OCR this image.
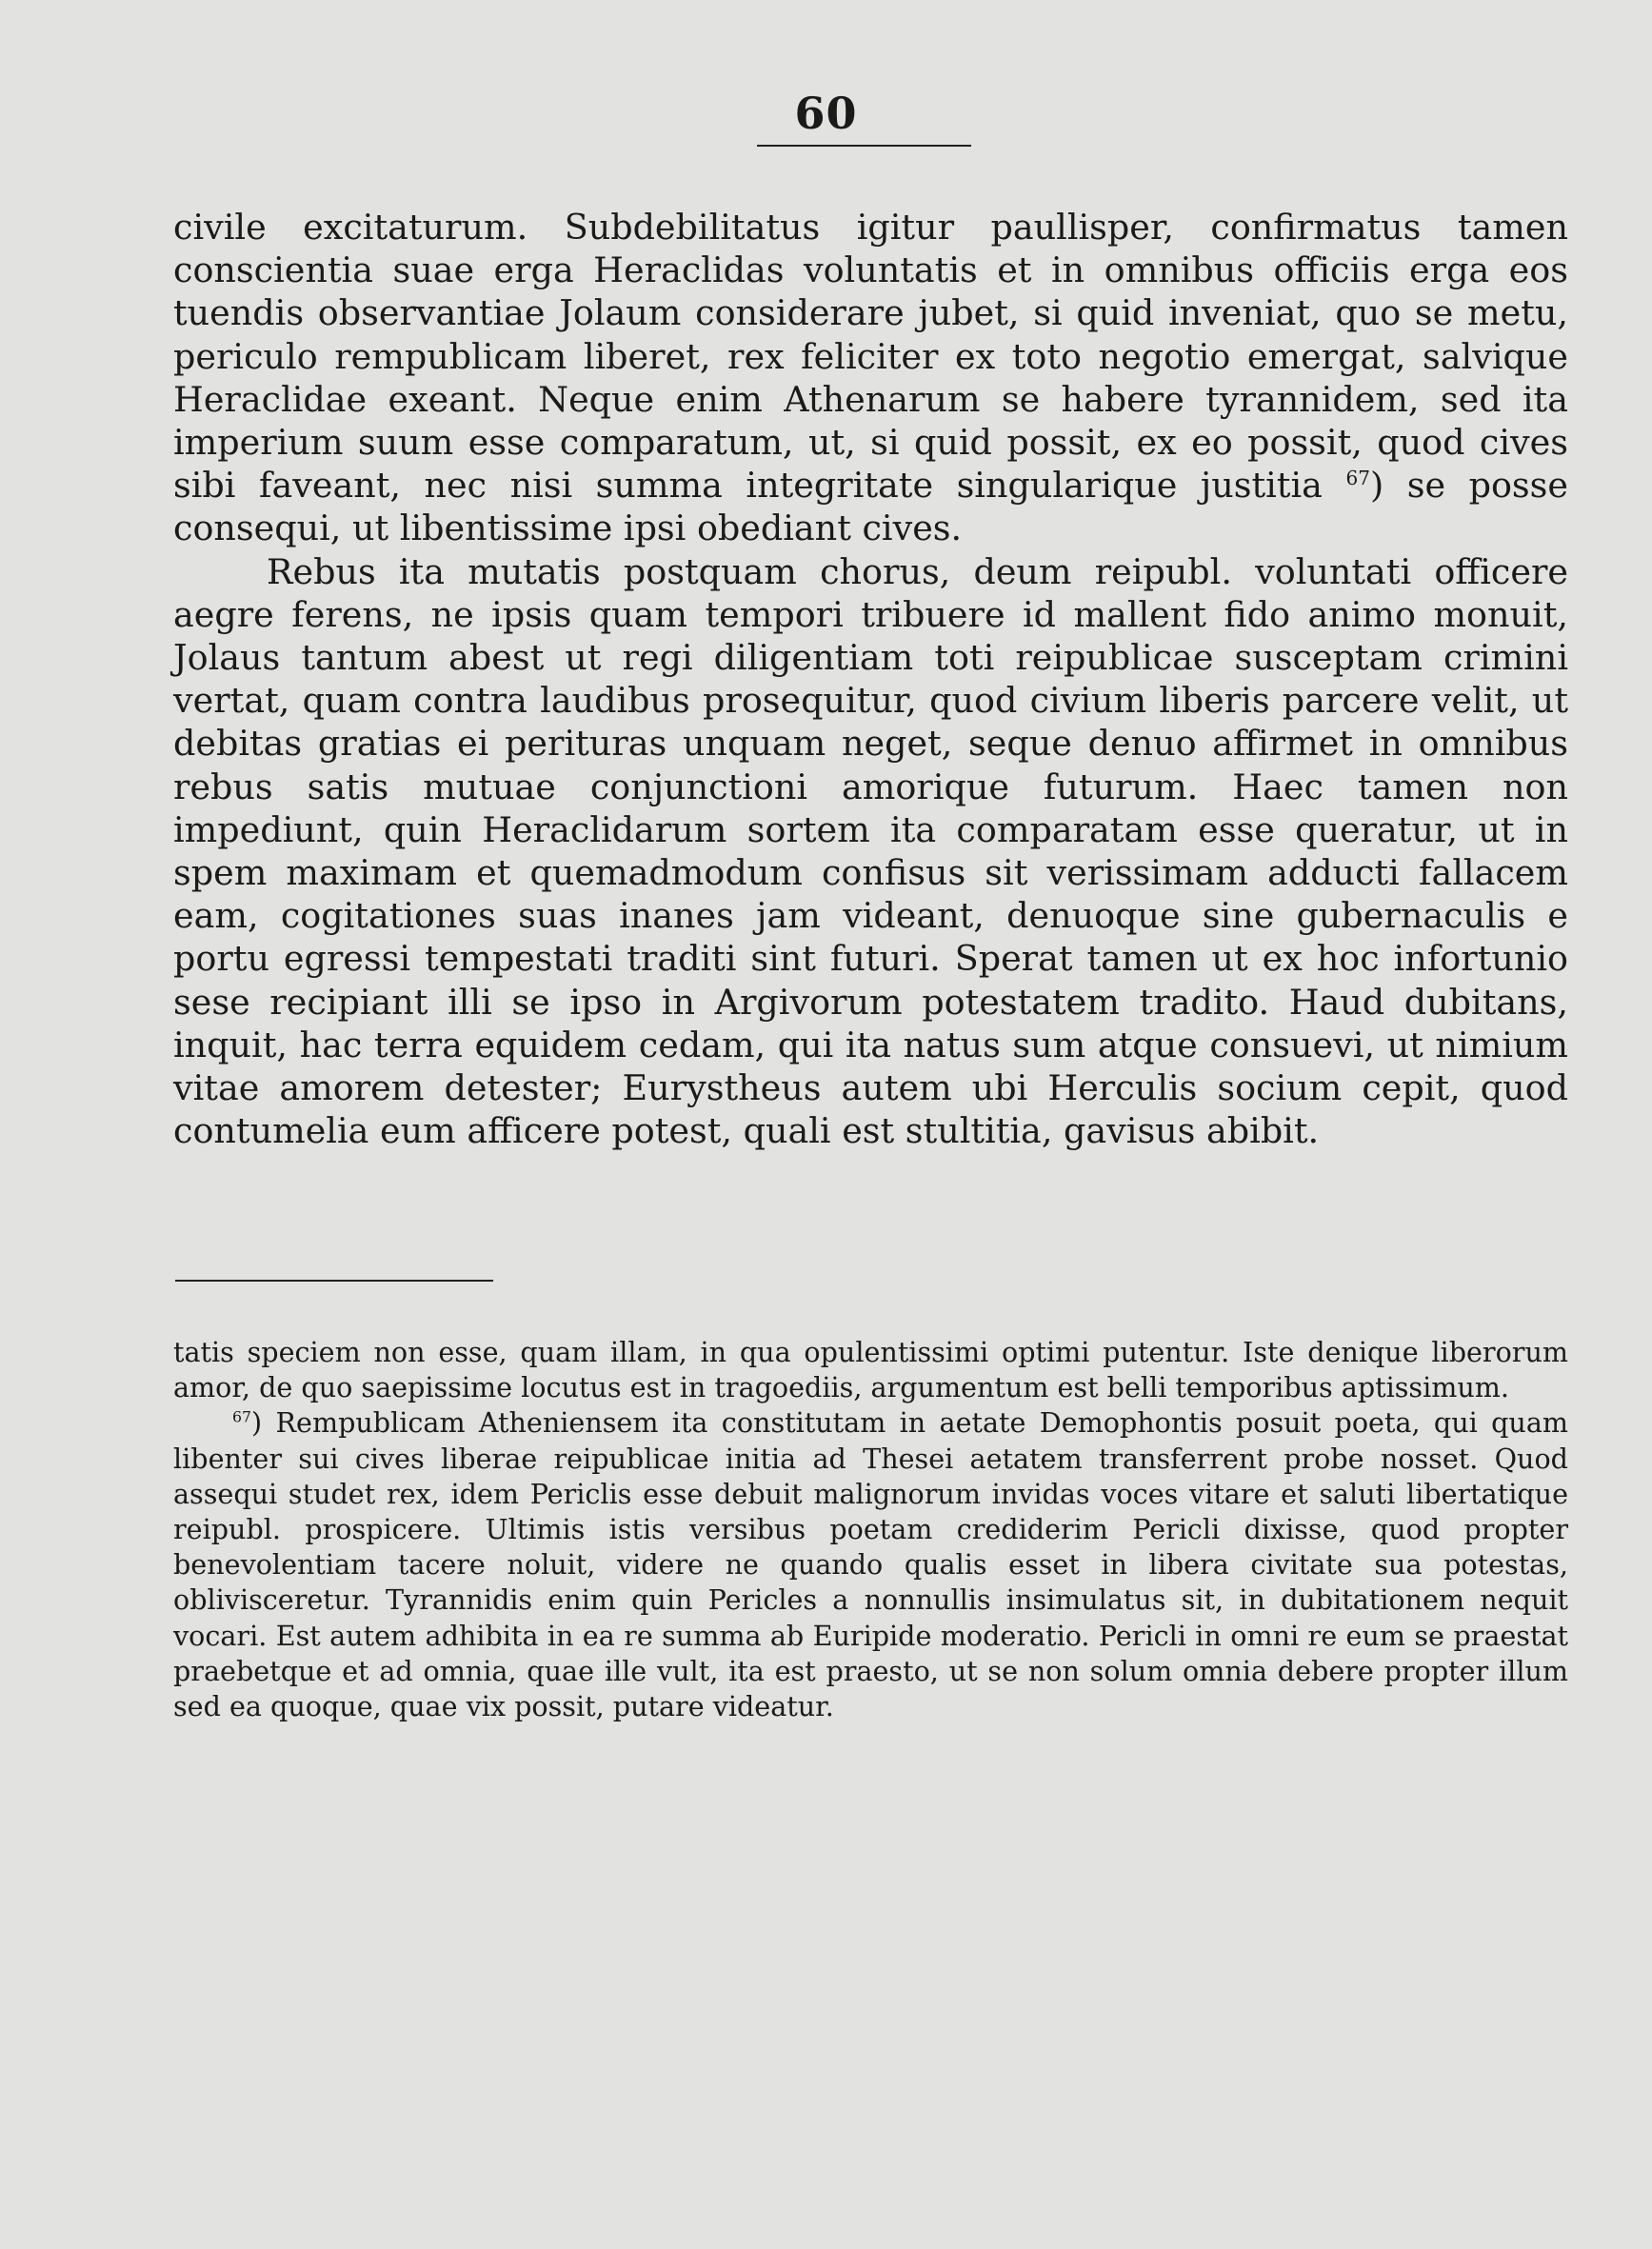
60

civile excitaturum. Subdebilitatus igitur paullisper, confirmatus tamen conscientia suae erga Heraclidas voluntatis et in omnibus officiis erga eos tuendis observantiae Jolaum considerare jubet, si quid inveniat, quo se metu, periculo rempublicam liberet, rex feliciter ex toto negotio emergat, salvique Heraclidae exeant. Neque enim Athenarum se habere tyrannidem, sed ita imperium suum esse comparatum, ut, si quid possit, ex eo possit, quod cives sibi faveant, nec nisi summa integritate singularique justitia $^{67}$) se posse consequi, ut libentissime ipsi obediant cives.

Rebus ita mutatis postquam chorus, deum reipubl. voluntati officere aegre ferens, ne ipsis quam tempori tribuere id mallent fido animo monuit, Jolaus tantum abest ut regi diligentiam toti reipublicae susceptam crimini vertat, quam contra laudibus prosequitur, quod civium liberis parcere velit, ut debitas gratias ei perituras unquam neget, seque denuo affirmet in omnibus rebus satis mutuae conjunctioni amorique futurum. Haec tamen non impediunt, quin Heraclidarum sortem ita comparatam esse queratur, ut in spem maximam et quemadmodum confisus sit verissimam adducti fallacem eam, cogitationes suas inanes jam videant, denuoque sine gubernaculis e portu egressi tempestati traditi sint futuri. Sperat tamen ut ex hoc infortunio sese recipiant illi se ipso in Argivorum potestatem tradito. Haud dubitans, inquit, hac terra equidem cedam, qui ita natus sum atque consuevi, ut nimium vitae amorem detester; Eurystheus autem ubi Herculis socium cepit, quod contumelia eum afficere potest, quali est stultitia, gavisus abibit.

tatis speciem non esse, quam illam, in qua opulentissimi optimi putentur. Iste denique liberorum amor, de quo saepissime locutus est in tragoediis, argumentum est belli temporibus aptissimum.

$^{67}$) Rempublicam Atheniensem ita constitutam in aetate Demophontis posuit poeta, qui quam libenter sui cives liberae reipublicae initia ad Thesei aetatem transferrent probe nosset. Quod assequi studet rex, idem Periclis esse debuit malignorum invidas voces vitare et saluti libertatique reipubl. prospicere. Ultimis istis versibus poetam crediderim Pericli dixisse, quod propter benevolentiam tacere noluit, videre ne quando qualis esset in libera civitate sua potestas, oblivisceretur. Tyrannidis enim quin Pericles a nonnullis insimulatus sit, in dubitationem nequit vocari. Est autem adhibita in ea re summa ab Euripide moderatio. Pericli in omni re eum se praestat praebetque et ad omnia, quae ille vult, ita est praesto, ut se non solum omnia debere propter illum sed ea quoque, quae vix possit, putare videatur.
